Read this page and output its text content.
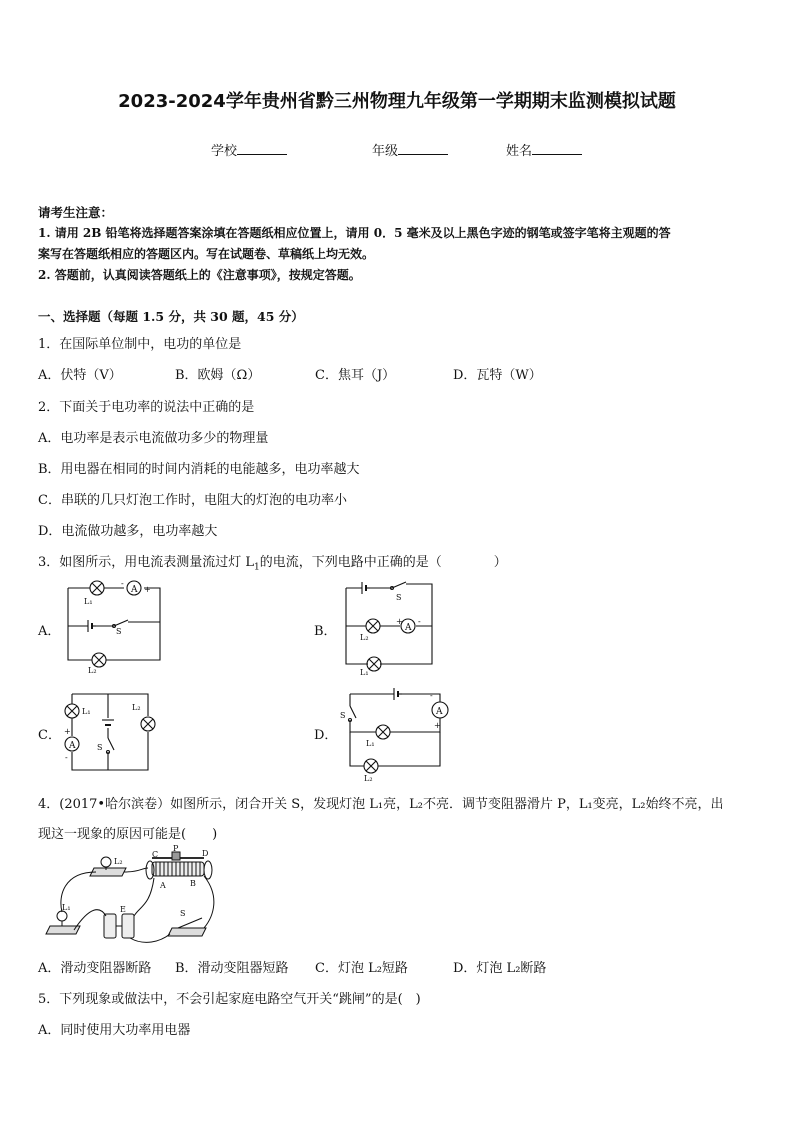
2023-2024学年贵州省黔三州物理九年级第一学期期末监测模拟试题
学校	年级	姓名
请考生注意：
1. 请用 2B 铅笔将选择题答案涂填在答题纸相应位置上，请用 0．5 毫米及以上黑色字迹的钢笔或签字笔将主观题的答
案写在答题纸相应的答题区内。写在试题卷、草稿纸上均无效。
2. 答题前，认真阅读答题纸上的《注意事项》，按规定答题。
一、选择题（每题 1.5 分，共 30 题，45 分）
1．在国际单位制中，电功的单位是
A．伏特（V）	B．欧姆（Ω）	C．焦耳（J）	D．瓦特（W）
2．下面关于电功率的说法中正确的是
A．电功率是表示电流做功多少的物理量
B．用电器在相同的时间内消耗的电能越多，电功率越大
C．串联的几只灯泡工作时，电阻大的灯泡的电功率小
D．电流做功越多，电功率越大
3．如图所示，用电流表测量流过灯 $L_1$的电流，下列电路中正确的是（　　　　）
A．	B．
C．	D．
A
-
+
L₁
S
L₂
A
+ -
S
L₂
L₁
A
L₁	L₂
S
+
-
A
-
+
S
L₁
L₂
4．(2017•哈尔滨卷）如图所示，闭合开关 S，发现灯泡 L₁亮，L₂不亮．调节变阻器滑片 P，L₁变亮，L₂始终不亮，出
现这一现象的原因可能是(　　)
L₂
L₁
C
P
D
A	B
E	S
A．滑动变阻器断路 B．滑动变阻器短路 C．灯泡 L₂短路	D．灯泡 L₂断路
5．下列现象或做法中，不会引起家庭电路空气开关“跳闸”的是(　)
A．同时使用大功率用电器
